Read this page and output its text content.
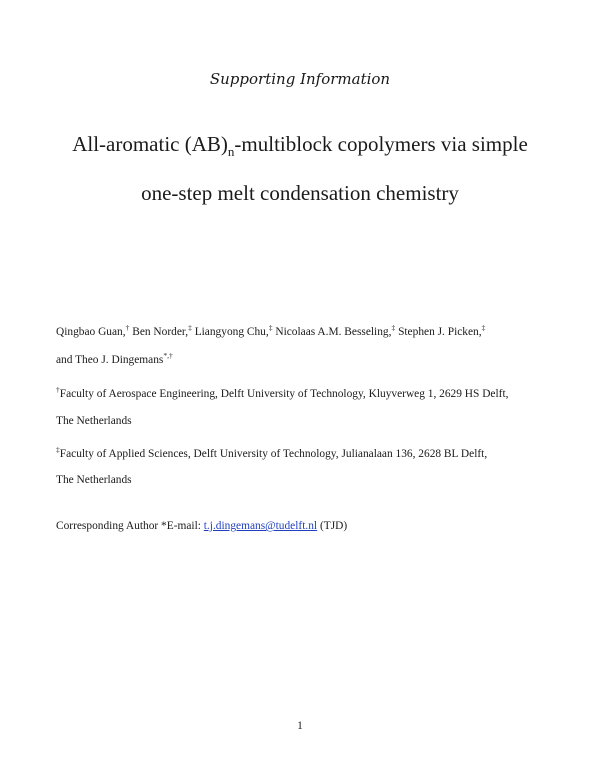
Supporting Information

All-aromatic $(AB)_n$-multiblock copolymers via simple
one-step melt condensation chemistry

Qingbao Guan,† Ben Norder,‡ Liangyong Chu,‡ Nicolaas A.M. Besseling,‡ Stephen J. Picken,‡
and Theo J. Dingemans*,†

†Faculty of Aerospace Engineering, Delft University of Technology, Kluyverweg 1, 2629 HS Delft,

The Netherlands

‡Faculty of Applied Sciences, Delft University of Technology, Julianalaan 136, 2628 BL Delft,

The Netherlands

Corresponding Author *E-mail: t.j.dingemans@tudelft.nl (TJD)

1
